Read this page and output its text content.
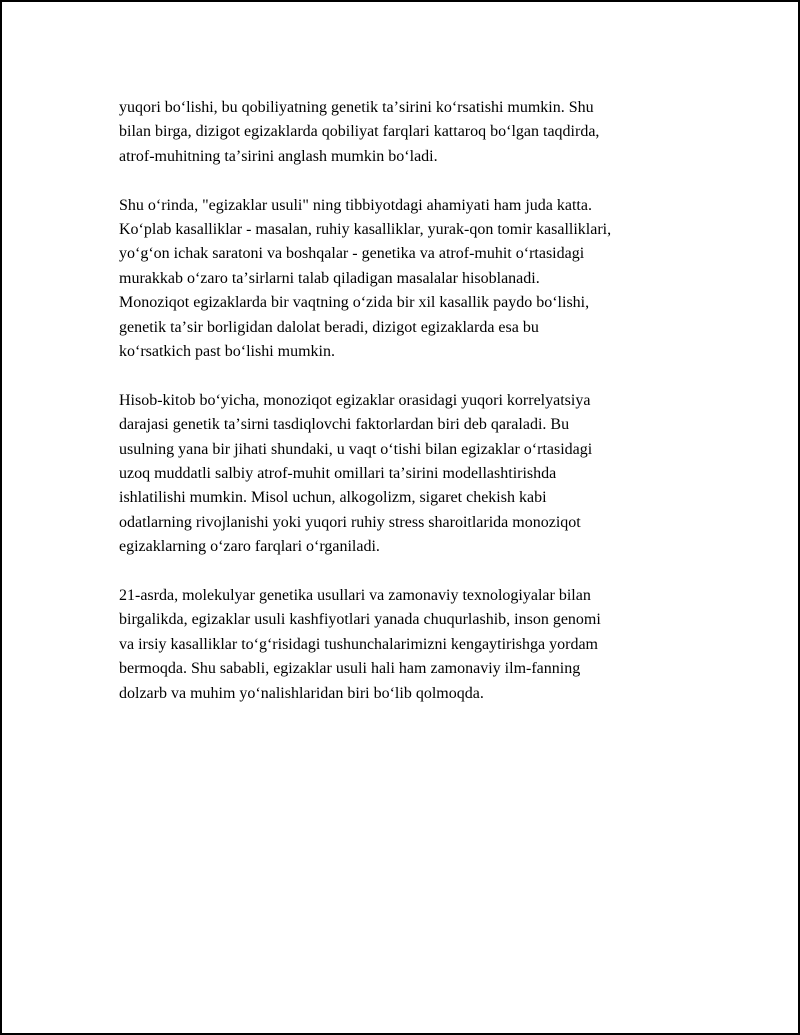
yuqori boʻlishi, bu qobiliyatning genetik taʼsirini koʻrsatishi mumkin. Shu
bilan birga, dizigot egizaklarda qobiliyat farqlari kattaroq boʻlgan taqdirda,
atrof-muhitning taʼsirini anglash mumkin boʻladi.

Shu oʻrinda, "egizaklar usuli" ning tibbiyotdagi ahamiyati ham juda katta.
Koʻplab kasalliklar - masalan, ruhiy kasalliklar, yurak-qon tomir kasalliklari,
yoʻgʻon ichak saratoni va boshqalar - genetika va atrof-muhit oʻrtasidagi
murakkab oʻzaro taʼsirlarni talab qiladigan masalalar hisoblanadi.
Monoziqot egizaklarda bir vaqtning oʻzida bir xil kasallik paydo boʻlishi,
genetik taʼsir borligidan dalolat beradi, dizigot egizaklarda esa bu
koʻrsatkich past boʻlishi mumkin.

Hisob-kitob boʻyicha, monoziqot egizaklar orasidagi yuqori korrelyatsiya
darajasi genetik taʼsirni tasdiqlovchi faktorlardan biri deb qaraladi. Bu
usulning yana bir jihati shundaki, u vaqt oʻtishi bilan egizaklar oʻrtasidagi
uzoq muddatli salbiy atrof-muhit omillari taʼsirini modellashtirishda
ishlatilishi mumkin. Misol uchun, alkogolizm, sigaret chekish kabi
odatlarning rivojlanishi yoki yuqori ruhiy stress sharoitlarida monoziqot
egizaklarning oʻzaro farqlari oʻrganiladi.

21-asrda, molekulyar genetika usullari va zamonaviy texnologiyalar bilan
birgalikda, egizaklar usuli kashfiyotlari yanada chuqurlashib, inson genomi
va irsiy kasalliklar toʻgʻrisidagi tushunchalarimizni kengaytirishga yordam
bermoqda. Shu sababli, egizaklar usuli hali ham zamonaviy ilm-fanning
dolzarb va muhim yoʻnalishlaridan biri boʻlib qolmoqda.
